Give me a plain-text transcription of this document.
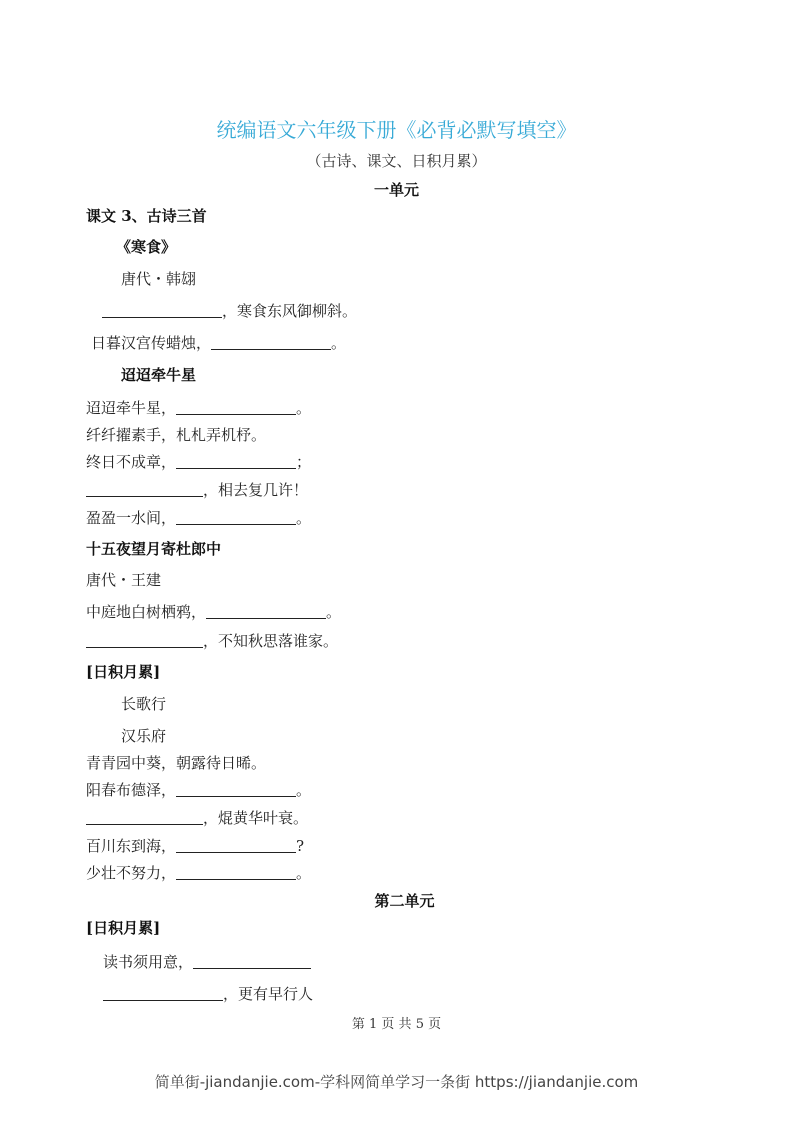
统编语文六年级下册《必背必默写填空》
（古诗、课文、日积月累）
一单元
课文 3、古诗三首
《寒食》
唐代・韩翃
，寒食东风御柳斜。
日暮汉宫传蜡烛，	。
迢迢牵牛星
迢迢牵牛星，	。
纤纤擢素手，札札弄机杼。
终日不成章，	；
，相去复几许！
盈盈一水间，	。
十五夜望月寄杜郎中
唐代・王建
中庭地白树栖鸦，	。
，不知秋思落谁家。
[日积月累]
长歌行
汉乐府
青青园中葵，朝露待日晞。
阳春布德泽，	。
，焜黄华叶衰。
百川东到海，	?
少壮不努力，	。
第二单元
[日积月累]
读书须用意，
，更有早行人
第 1 页 共 5 页
简单街-jiandanjie.com-学科网简单学习一条街 https://jiandanjie.com
